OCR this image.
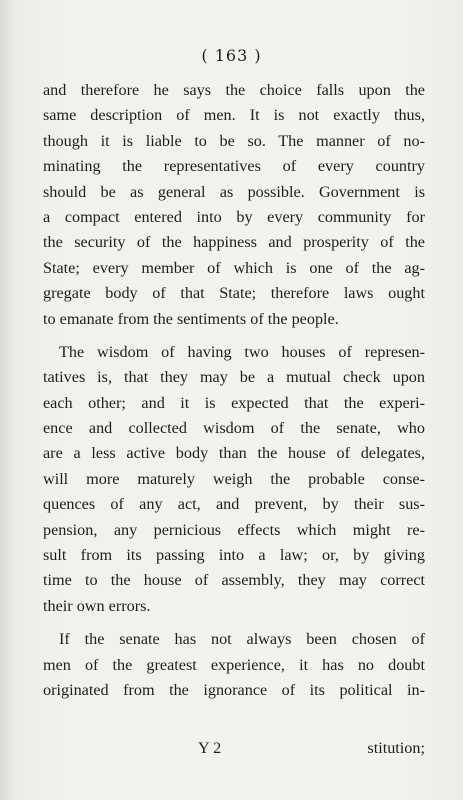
( 163 )
and therefore he says the choice falls upon the
same description of men. It is not exactly thus,
though it is liable to be so. The manner of no-
minating the representatives of every country
should be as general as possible. Government is
a compact entered into by every community for
the security of the happiness and prosperity of the
State; every member of which is one of the ag-
gregate body of that State; therefore laws ought
to emanate from the sentiments of the people.
The wisdom of having two houses of represen-
tatives is, that they may be a mutual check upon
each other; and it is expected that the experi-
ence and collected wisdom of the senate, who
are a less active body than the house of delegates,
will more maturely weigh the probable conse-
quences of any act, and prevent, by their sus-
pension, any pernicious effects which might re-
sult from its passing into a law; or, by giving
time to the house of assembly, they may correct
their own errors.
If the senate has not always been chosen of
men of the greatest experience, it has no doubt
originated from the ignorance of its political in-
Y 2	stitution;
